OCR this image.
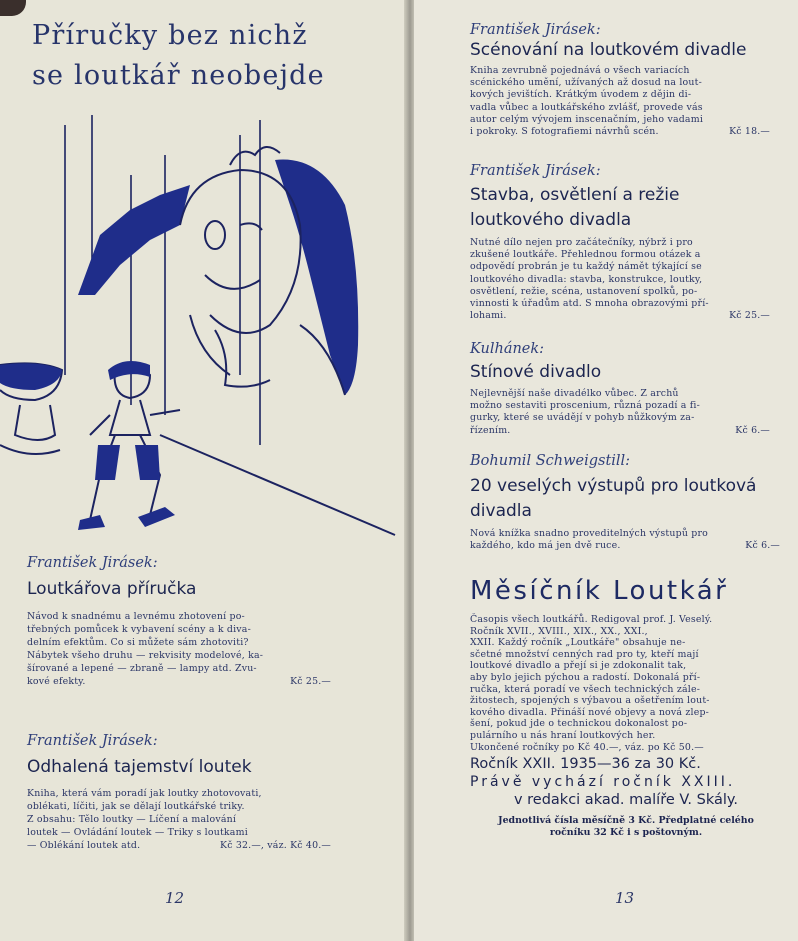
Příručky bez nichž
se loutkář neobejde
František Jirásek:
Loutkářova příručka
Návod k snadnému a levnému zhotovení po-
třebných pomůcek k vybavení scény a k diva-
delním efektům. Co si můžete sám zhotoviti?
Nábytek všeho druhu — rekvisity modelové, ka-
šírované a lepené — zbraně — lampy atd. Zvu-
kové efekty.	Kč 25.—
František Jirásek:
Odhalená tajemství loutek
Kniha, která vám poradí jak loutky zhotovovati,
oblékati, líčiti, jak se dělají loutkářské triky.
Z obsahu: Tělo loutky — Líčení a malování
loutek — Ovládání loutek — Triky s loutkami
— Oblékání loutek atd.	Kč 32.—, váz. Kč 40.—
12
František Jirásek:
Scénování na loutkovém divadle
Kniha zevrubně pojednává o všech variacích
scénického umění, užívaných až dosud na lout-
kových jevištích. Krátkým úvodem z dějin di-
vadla vůbec a loutkářského zvlášť, provede vás
autor celým vývojem inscenačním, jeho vadami
i pokroky. S fotografiemi návrhů scén.	Kč 18.—
František Jirásek:
Stavba, osvětlení a režie
loutkového divadla
Nutné dílo nejen pro začátečníky, nýbrž i pro
zkušené loutkáře. Přehlednou formou otázek a
odpovědí probrán je tu každý námět týkající se
loutkového divadla: stavba, konstrukce, loutky,
osvětlení, režie, scéna, ustanovení spolků, po-
vinnosti k úřadům atd. S mnoha obrazovými pří-
lohami.	Kč 25.—
Kulhánek:
Stínové divadlo
Nejlevnější naše divadélko vůbec. Z archů
možno sestaviti proscenium, různá pozadí a fi-
gurky, které se uvádějí v pohyb nůžkovým za-
řízením.	Kč 6.—
Bohumil Schweigstill:
20 veselých výstupů pro loutková
divadla
Nová knížka snadno proveditelných výstupů pro
každého, kdo má jen dvě ruce.	Kč 6.—
Měsíčník Loutkář
Časopis všech loutkářů. Redigoval prof. J. Veselý.
Ročník XVII., XVIII., XIX., XX., XXI.,
XXII. Každý ročník „Loutkáře" obsahuje ne-
sčetné množství cenných rad pro ty, kteří mají
loutkové divadlo a přejí si je zdokonalit tak,
aby bylo jejich pýchou a radostí. Dokonalá pří-
ručka, která poradí ve všech technických zále-
žitostech, spojených s výbavou a ošetřením lout-
kového divadla. Přináší nové objevy a nová zlep-
šení, pokud jde o technickou dokonalost po-
pulárního u nás hraní loutkových her.
Ukončené ročníky po Kč 40.—, váz. po Kč 50.—
Ročník XXII. 1935—36 za 30 Kč.
Právě vychází ročník XXIII.
v redakci akad. malíře V. Skály.
Jednotlivá čísla měsíčně 3 Kč. Předplatné celého
ročníku 32 Kč i s poštovným.
13
